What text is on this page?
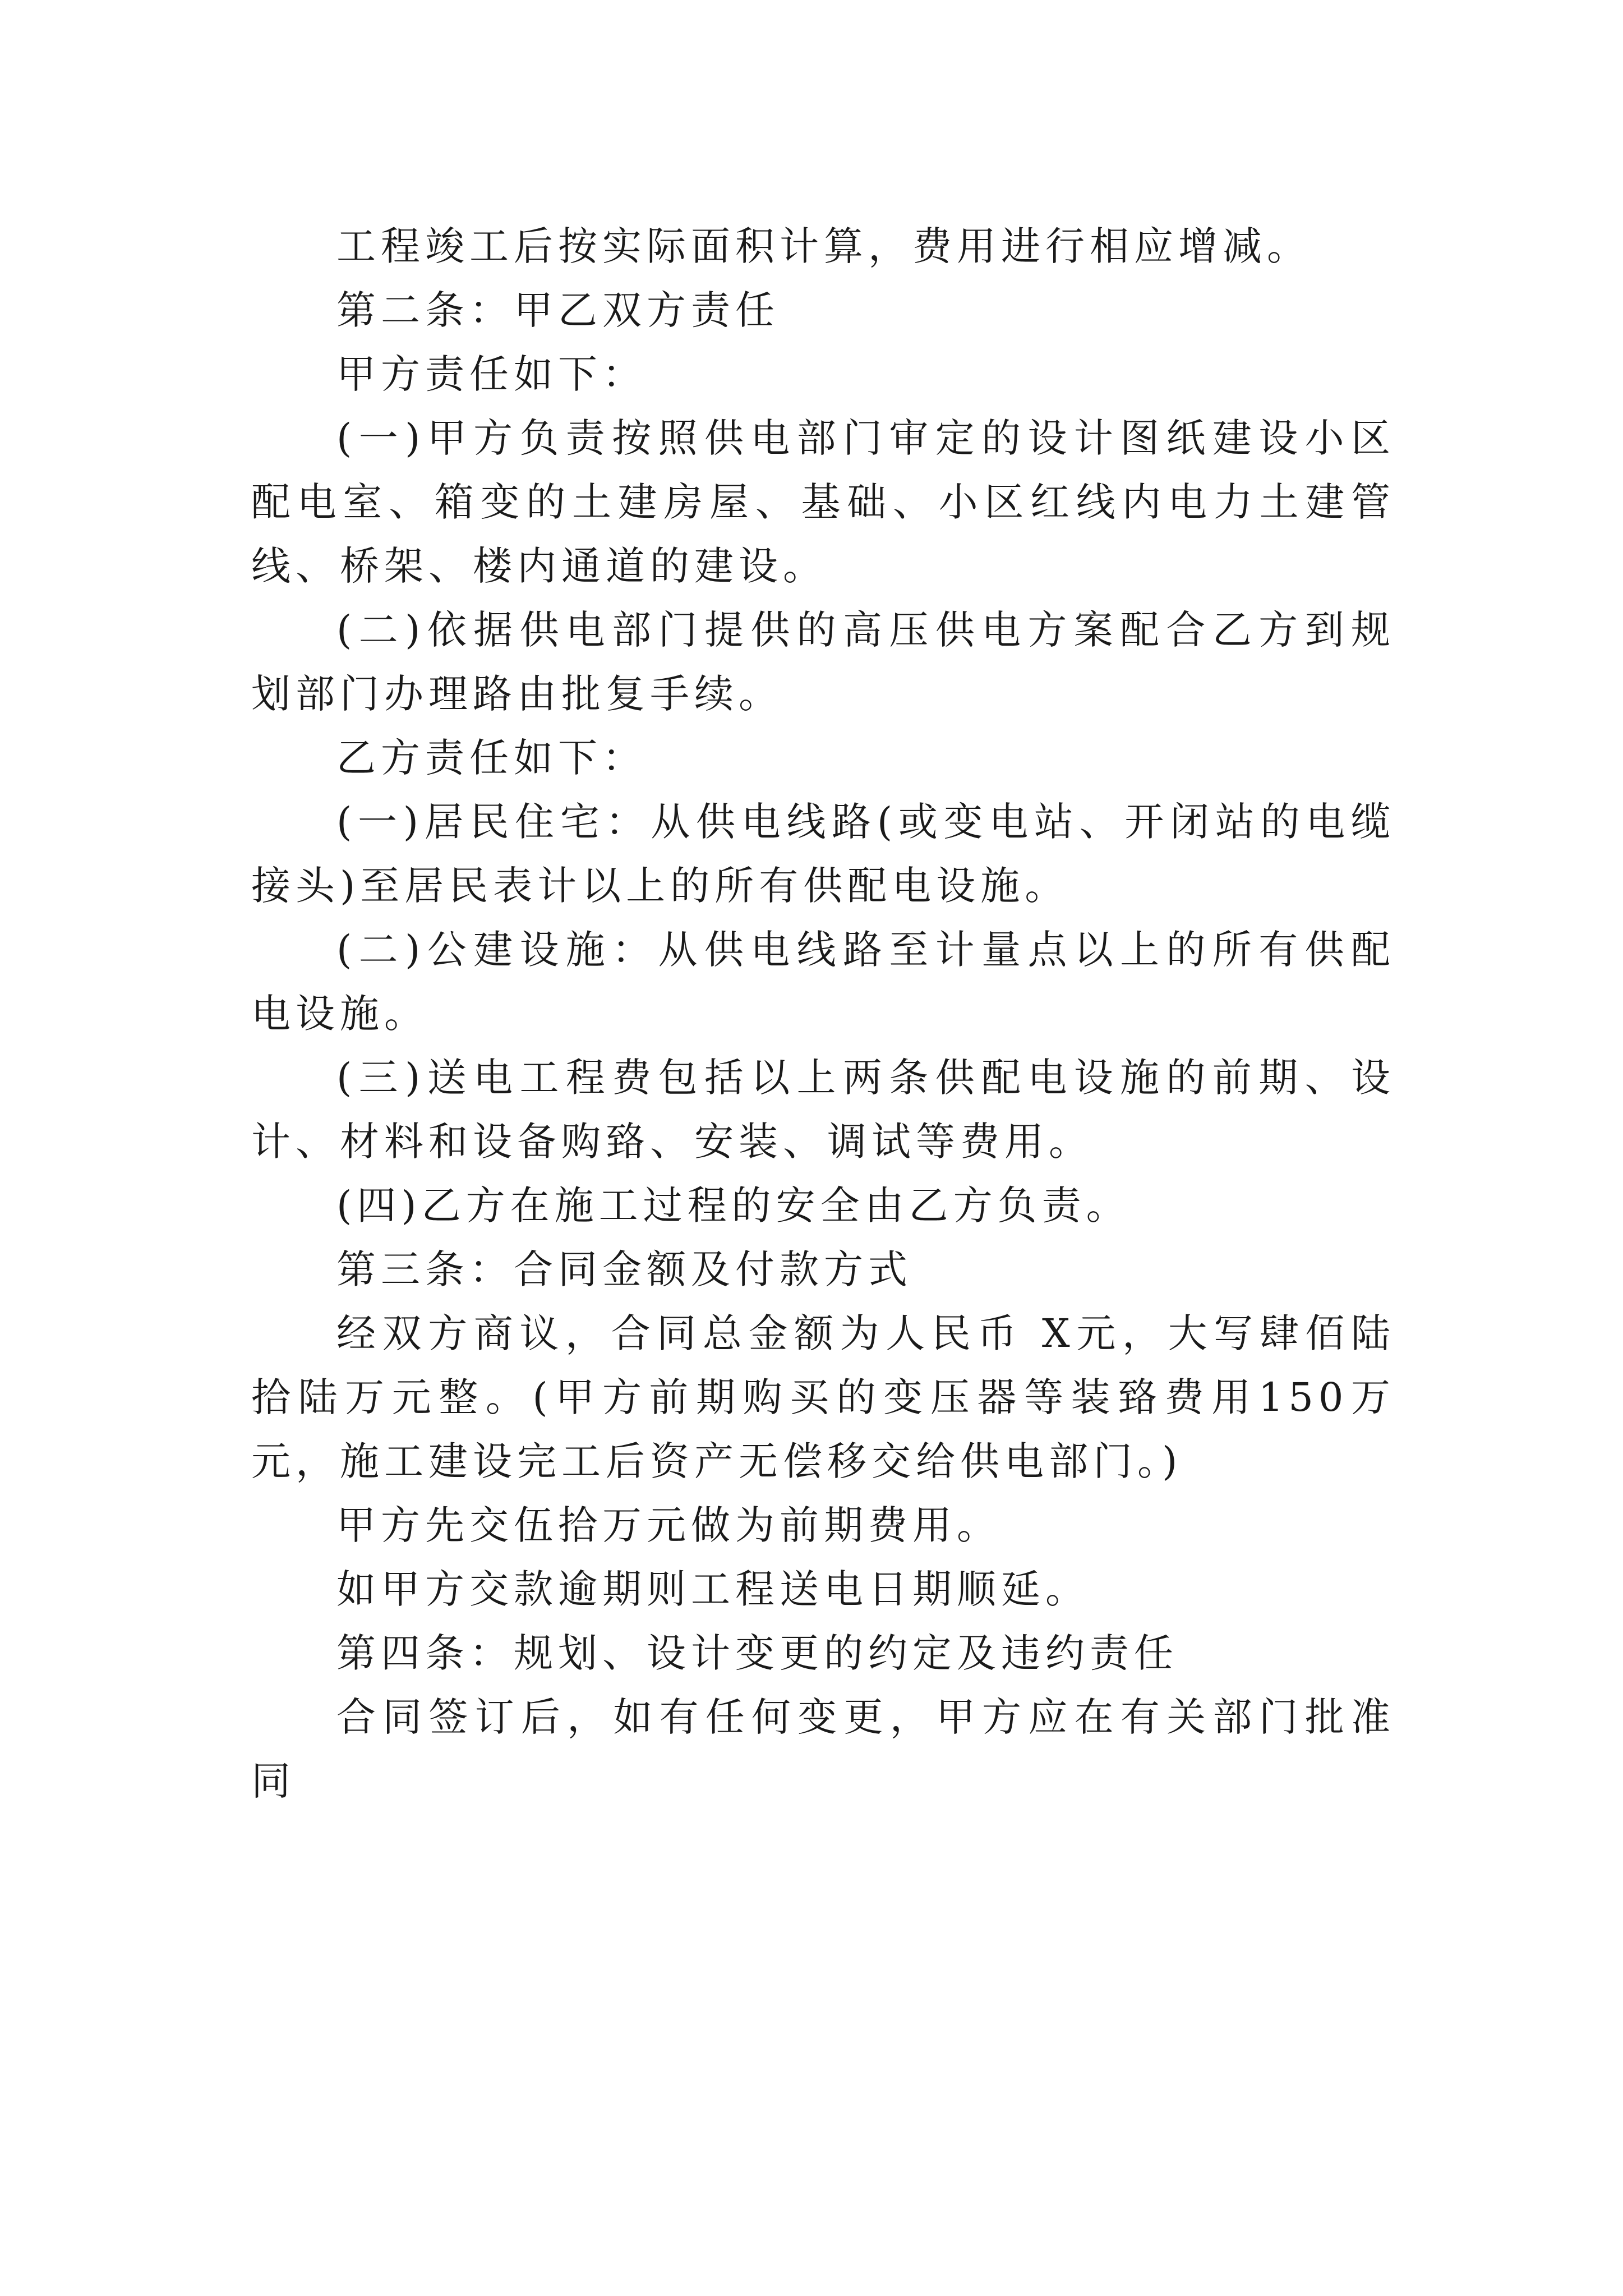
工程竣工后按实际面积计算，费用进行相应增减。

第二条：甲乙双方责任

甲方责任如下：

(一)甲方负责按照供电部门审定的设计图纸建设小区配电室、箱变的土建房屋、基础、小区红线内电力土建管线、桥架、楼内通道的建设。

(二)依据供电部门提供的高压供电方案配合乙方到规划部门办理路由批复手续。

乙方责任如下：

(一)居民住宅：从供电线路(或变电站、开闭站的电缆接头)至居民表计以上的所有供配电设施。

(二)公建设施：从供电线路至计量点以上的所有供配电设施。

(三)送电工程费包括以上两条供配电设施的前期、设计、材料和设备购臵、安装、调试等费用。

(四)乙方在施工过程的安全由乙方负责。

第三条：合同金额及付款方式

经双方商议，合同总金额为人民币 X元，大写肆佰陆拾陆万元整。(甲方前期购买的变压器等装臵费用150万元，施工建设完工后资产无偿移交给供电部门。)

甲方先交伍拾万元做为前期费用。

如甲方交款逾期则工程送电日期顺延。

第四条：规划、设计变更的约定及违约责任

合同签订后，如有任何变更，甲方应在有关部门批准同
